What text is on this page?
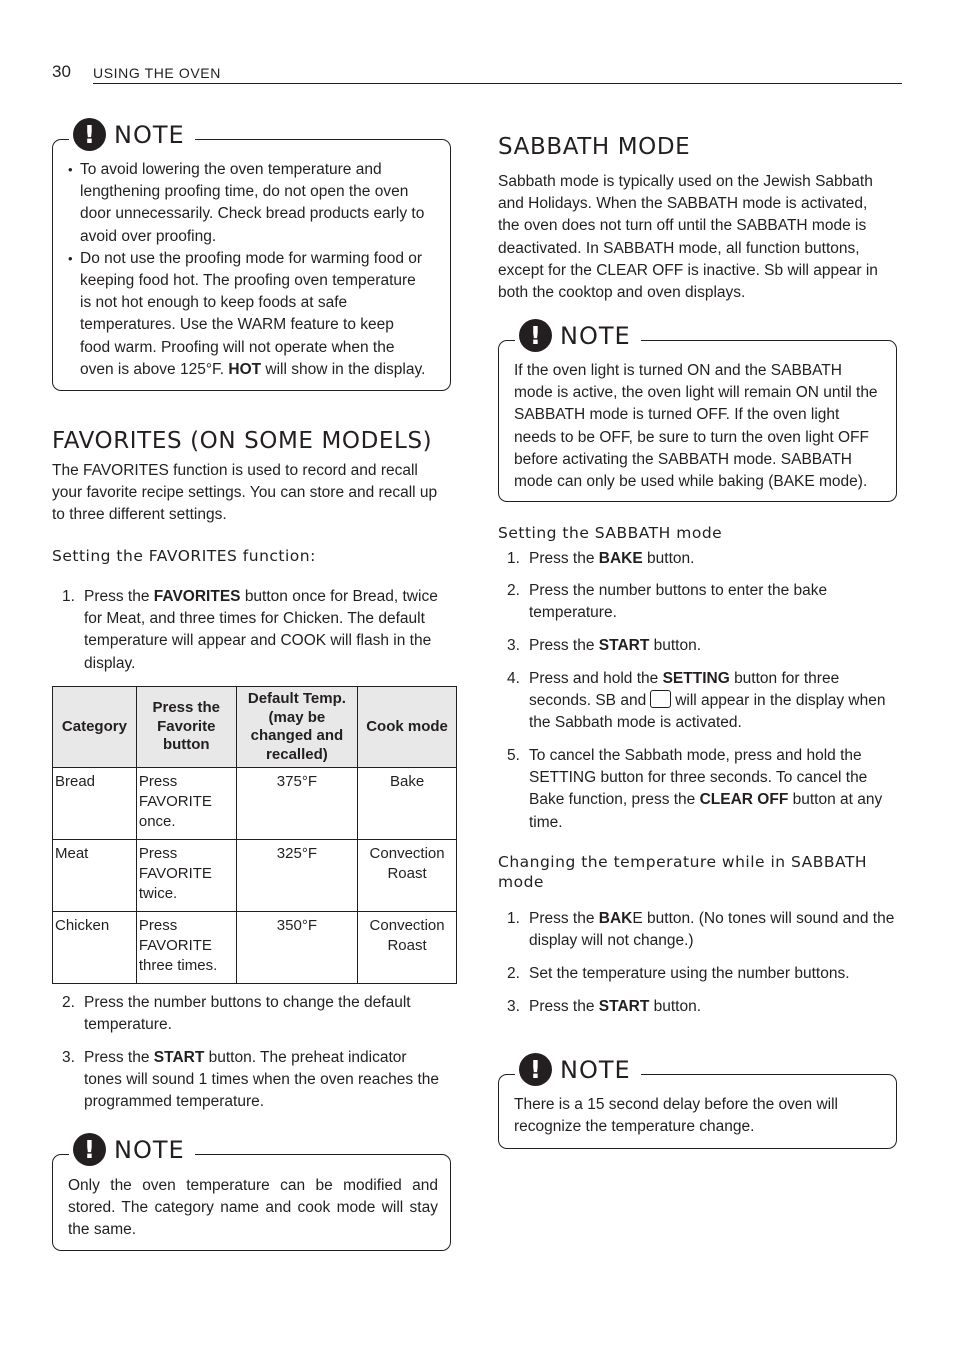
30 USING THE OVEN
! NOTE
• To avoid lowering the oven temperature and lengthening proofing time, do not open the oven door unnecessarily. Check bread products early to avoid over proofing.
• Do not use the proofing mode for warming food or keeping food hot. The proofing oven temperature is not hot enough to keep foods at safe temperatures. Use the WARM feature to keep food warm. Proofing will not operate when the oven is above 125°F. HOT will show in the display.
FAVORITES (ON SOME MODELS)
The FAVORITES function is used to record and recall your favorite recipe settings. You can store and recall up to three different settings.
Setting the FAVORITES function:
1. Press the FAVORITES button once for Bread, twice for Meat, and three times for Chicken. The default temperature will appear and COOK will flash in the display.
Category	Press the Favorite button	Default Temp. (may be changed and recalled)	Cook mode
Bread	Press FAVORITE once.	375°F	Bake
Meat	Press FAVORITE twice.	325°F	Convection Roast
Chicken	Press FAVORITE three times.	350°F	Convection Roast
2. Press the number buttons to change the default temperature.
3. Press the START button. The preheat indicator tones will sound 1 times when the oven reaches the programmed temperature.
! NOTE
Only the oven temperature can be modified and stored. The category name and cook mode will stay the same.
SABBATH MODE
Sabbath mode is typically used on the Jewish Sabbath and Holidays. When the SABBATH mode is activated, the oven does not turn off until the SABBATH mode is deactivated. In SABBATH mode, all function buttons, except for the CLEAR OFF is inactive. Sb will appear in both the cooktop and oven displays.
! NOTE
If the oven light is turned ON and the SABBATH mode is active, the oven light will remain ON until the SABBATH mode is turned OFF. If the oven light needs to be OFF, be sure to turn the oven light OFF before activating the SABBATH mode. SABBATH mode can only be used while baking (BAKE mode).
Setting the SABBATH mode
1. Press the BAKE button.
2. Press the number buttons to enter the bake temperature.
3. Press the START button.
4. Press and hold the SETTING button for three seconds. SB and will appear in the display when the Sabbath mode is activated.
5. To cancel the Sabbath mode, press and hold the SETTING button for three seconds. To cancel the Bake function, press the CLEAR OFF button at any time.
Changing the temperature while in SABBATH mode
1. Press the BAKE button. (No tones will sound and the display will not change.)
2. Set the temperature using the number buttons.
3. Press the START button.
! NOTE
There is a 15 second delay before the oven will recognize the temperature change.
